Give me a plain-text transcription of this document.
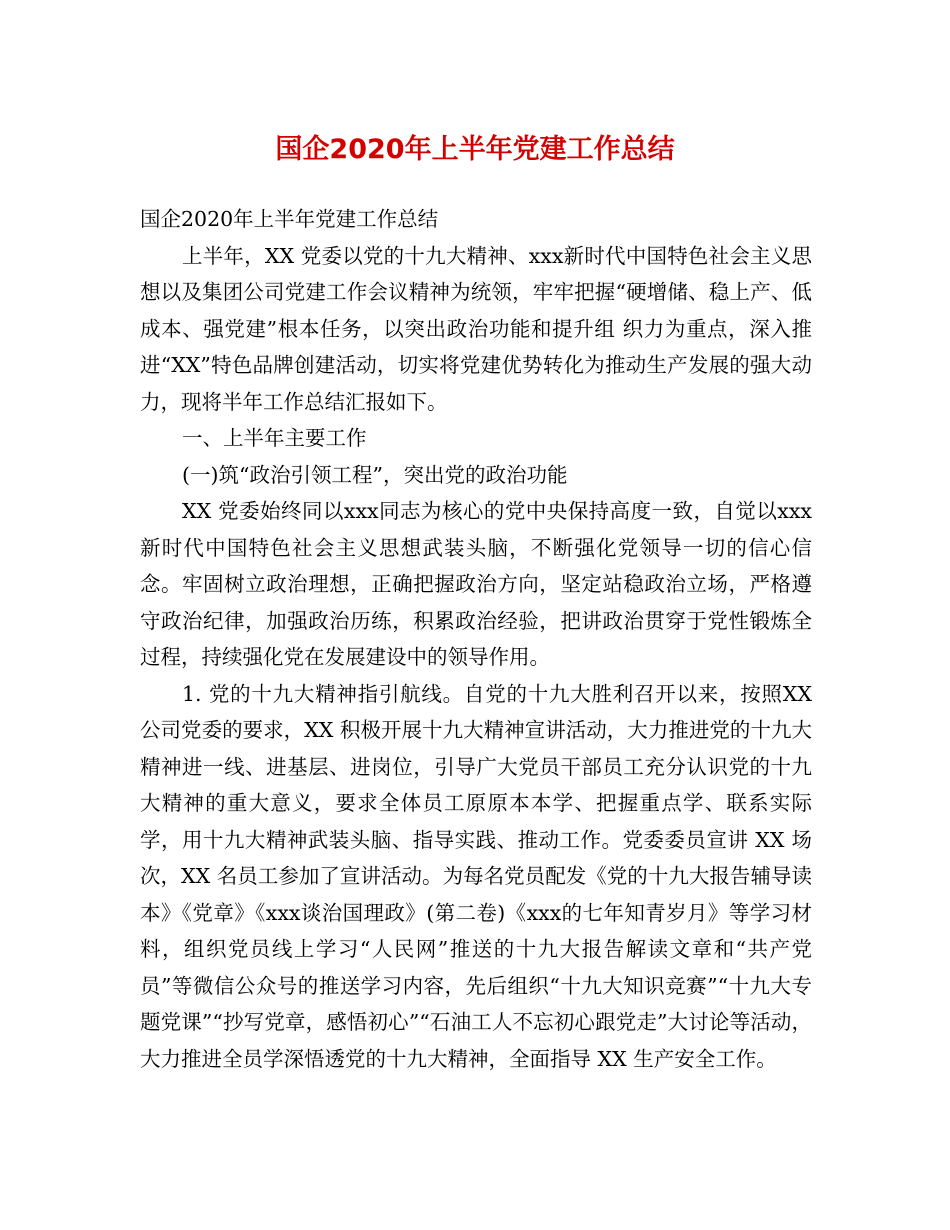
国企2020年上半年党建工作总结

国企2020年上半年党建工作总结

上半年，XX 党委以党的十九大精神、xxx新时代中国特色社会主义思想以及集团公司党建工作会议精神为统领，牢牢把握“硬增储、稳上产、低成本、强党建”根本任务，以突出政治功能和提升组 织力为重点，深入推进“XX”特色品牌创建活动，切实将党建优势转化为推动生产发展的强大动力，现将半年工作总结汇报如下。

一、上半年主要工作

(一)筑“政治引领工程”，突出党的政治功能

XX 党委始终同以xxx同志为核心的党中央保持高度一致，自觉以xxx新时代中国特色社会主义思想武装头脑，不断强化党领导一切的信心信念。牢固树立政治理想，正确把握政治方向，坚定站稳政治立场，严格遵守政治纪律，加强政治历练，积累政治经验，把讲政治贯穿于党性锻炼全过程，持续强化党在发展建设中的领导作用。

1. 党的十九大精神指引航线。自党的十九大胜利召开以来，按照XX 公司党委的要求，XX 积极开展十九大精神宣讲活动，大力推进党的十九大精神进一线、进基层、进岗位，引导广大党员干部员工充分认识党的十九大精神的重大意义，要求全体员工原原本本学、把握重点学、联系实际学，用十九大精神武装头脑、指导实践、推动工作。党委委员宣讲 XX 场次，XX 名员工参加了宣讲活动。为每名党员配发《党的十九大报告辅导读本》《党章》《xxx谈治国理政》(第二卷)《xxx的七年知青岁月》等学习材料，组织党员线上学习“人民网”推送的十九大报告解读文章和“共产党员”等微信公众号的推送学习内容，先后组织“十九大知识竞赛”“十九大专题党课”“抄写党章，感悟初心”“石油工人不忘初心跟党走”大讨论等活动，大力推进全员学深悟透党的十九大精神，全面指导 XX 生产安全工作。
